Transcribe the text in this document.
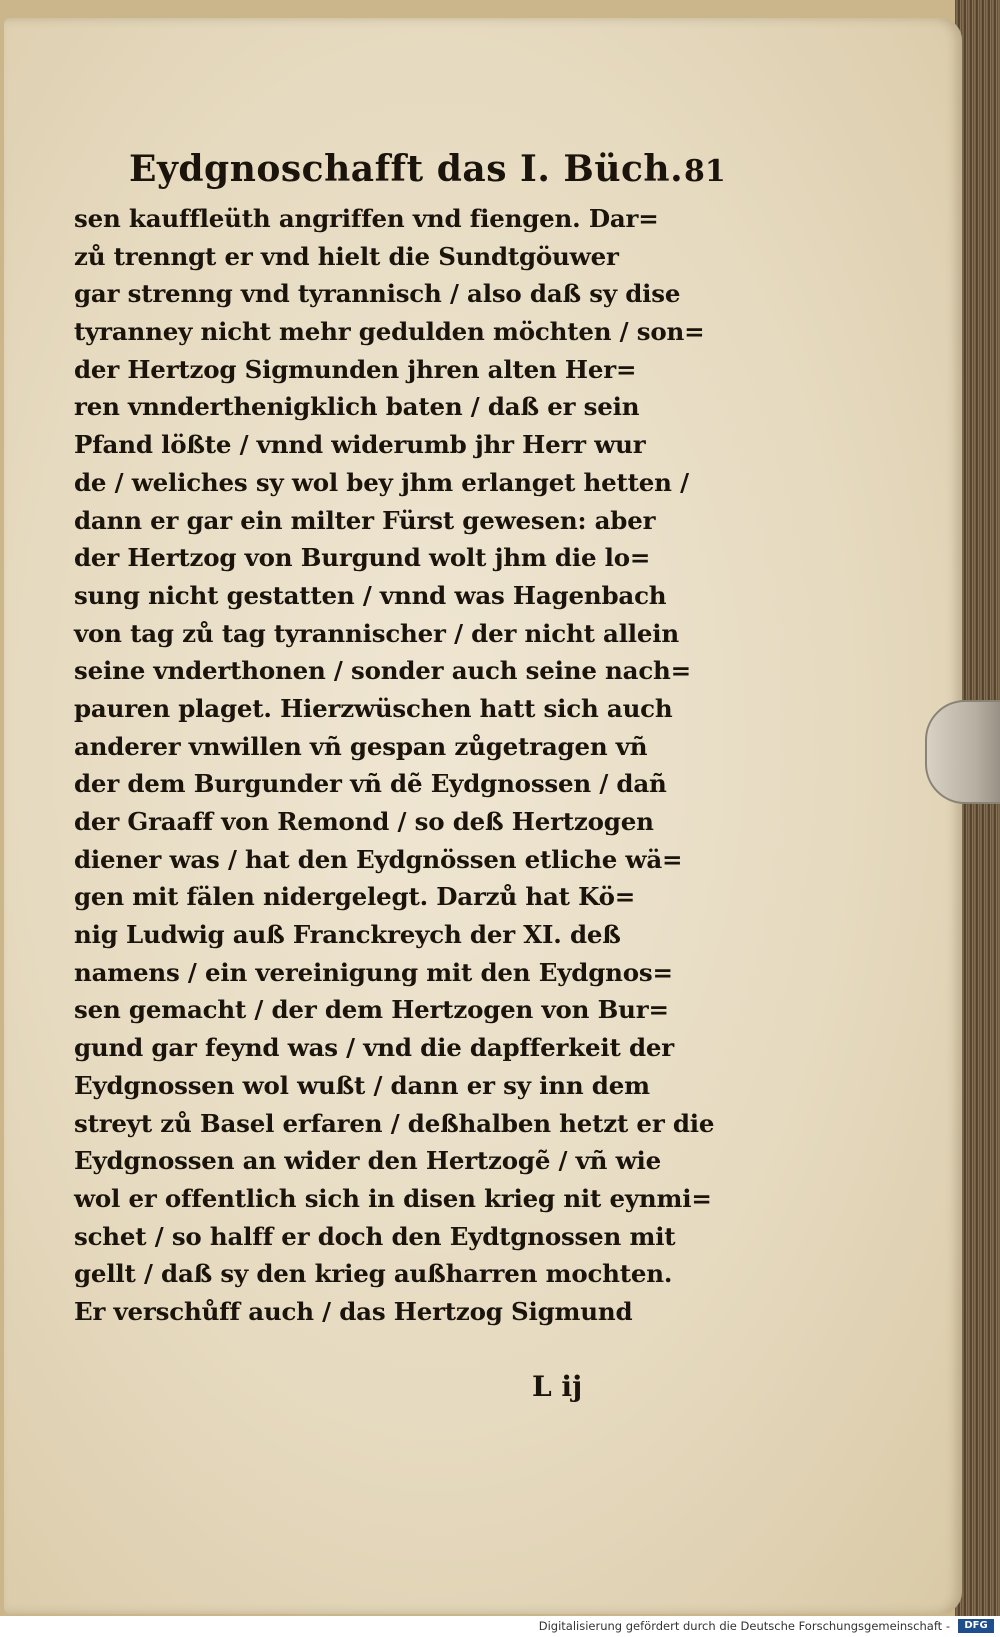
Eydgnoschafft das I. Büch. 81
sen kauffleüth angriffen vnd fiengen. Dar=
zů trenngt er vnd hielt die Sundtgöuwer
gar strenng vnd tyrannisch / also daß sy dise
tyranney nicht mehr gedulden möchten / son=
der Hertzog Sigmunden jhren alten Her=
ren vnnderthenigklich baten / daß er sein
Pfand lößte / vnnd widerumb jhr Herr wur
de / weliches sy wol bey jhm erlanget hetten /
dann er gar ein milter Fürst gewesen: aber
der Hertzog von Burgund wolt jhm die lo=
sung nicht gestatten / vnnd was Hagenbach
von tag zů tag tyrannischer / der nicht allein
seine vnderthonen / sonder auch seine nach=
pauren plaget. Hierzwüschen hatt sich auch
anderer vnwillen vñ gespan zůgetragen vñ
der dem Burgunder vñ dẽ Eydgnossen / dañ
der Graaff von Remond / so deß Hertzogen
diener was / hat den Eydgnössen etliche wä=
gen mit fälen nidergelegt. Darzů hat Kö=
nig Ludwig auß Franckreych der XI. deß
namens / ein vereinigung mit den Eydgnos=
sen gemacht / der dem Hertzogen von Bur=
gund gar feynd was / vnd die dapfferkeit der
Eydgnossen wol wußt / dann er sy inn dem
streyt zů Basel erfaren / deßhalben hetzt er die
Eydgnossen an wider den Hertzogẽ / vñ wie
wol er offentlich sich in disen krieg nit eynmi=
schet / so halff er doch den Eydtgnossen mit
gellt / daß sy den krieg außharren mochten.
Er verschůff auch / das Hertzog Sigmund
L ij
Digitalisierung gefördert durch die Deutsche Forschungsgemeinschaft -	DFG
